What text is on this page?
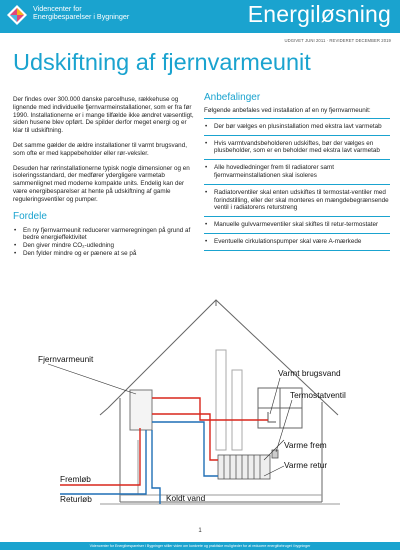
Videncenter for
Energibesparelser i Bygninger	Energiløsning
UDGIVET JUNI 2011 · REVIDERET DECEMBER 2019
Udskiftning af fjernvarmeunit

Der findes over 300.000 danske parcelhuse, rækkehuse og lignende med individuelle fjernvarmeinstallationer, som er fra før 1990. Installationerne er i mange tilfælde ikke ændret væsentligt, siden husene blev opført. De spilder derfor meget energi og er klar til udskiftning.

Det samme gælder de ældre installationer til varmt brugsvand, som ofte er med kappebeholder eller rør-veksler.

Desuden har rørinstallationerne typisk nogle dimensioner og en isoleringsstandard, der medfører ydergligere varmetab sammenlignet med moderne kompakte units. Endelig kan der være energibesparelser at hente på udskiftning af gamle reguleringsventiler og pumper.

Fordele
• En ny fjernvarmeunit reducerer varmeregningen på grund af bedre energieffektivitet
• Den giver mindre CO₂-udledning
• Den fylder mindre og er pænere at se på
Anbefalinger

Følgende anbefales ved installation af en ny fjernvarmeunit:

• Der bør vælges en plusinstallation med ekstra lavt varmetab
• Hvis varmtvandsbeholderen udskiftes, bør der vælges en plusbeholder, som er en beholder med ekstra lavt varmetab
• Alle hovedledninger frem til radiatorer samt fjernvarmeinstallationen skal isoleres
• Radiatorventiler skal enten udskiftes til termostat-ventiler med forindstilling, eller der skal monteres en mængdebegrænsende ventil i radiatorens returstreng
• Manuelle gulvvarmeventiler skal skiftes til retur-termostater
• Eventuelle cirkulationspumper skal være A-mærkede
Fjernvarmeunit
Varmt brugsvand
Termostatventil
Varme frem
Varme retur
Fremløb
Returløb	Koldt vand
1
Videncenter for Energibesparelser i Bygninger stiller viden om konkrete og praktiske muligheder for at reducere energiforbruget i bygninger
